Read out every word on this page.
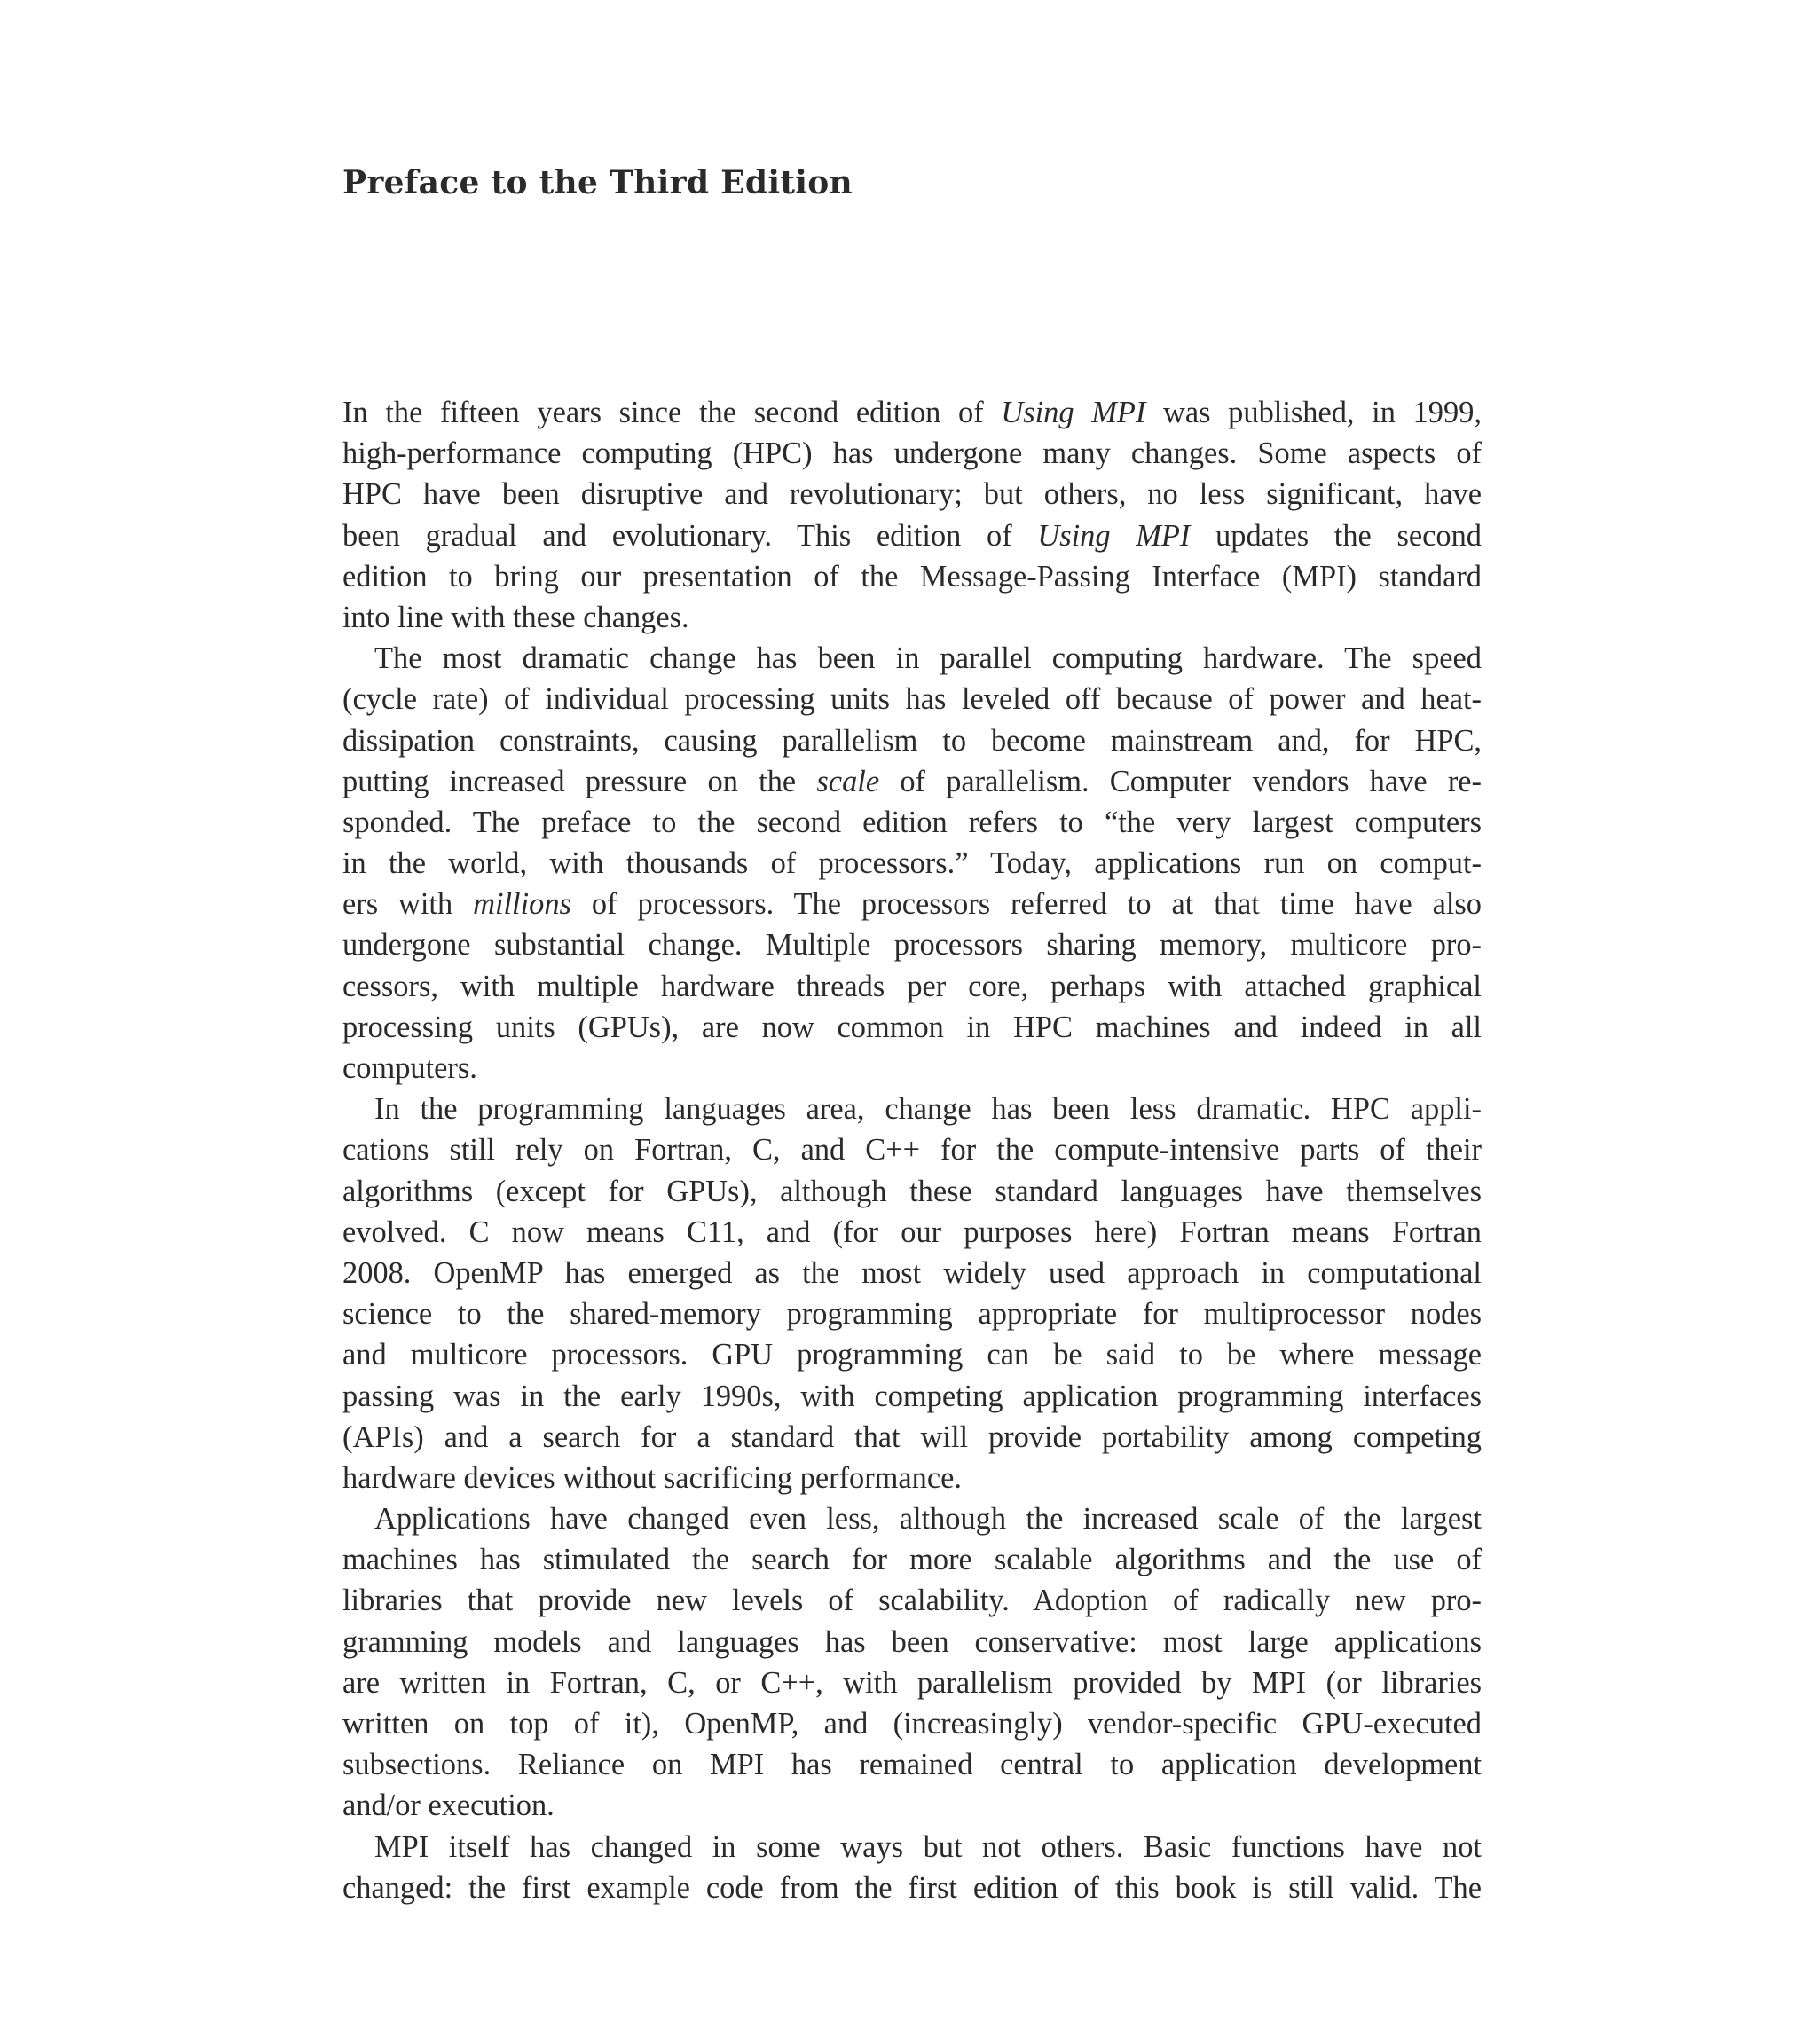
Preface to the Third Edition
In the fifteen years since the second edition of Using MPI was published, in 1999,
high-performance computing (HPC) has undergone many changes. Some aspects of
HPC have been disruptive and revolutionary; but others, no less significant, have
been gradual and evolutionary. This edition of Using MPI updates the second
edition to bring our presentation of the Message-Passing Interface (MPI) standard
into line with these changes.
The most dramatic change has been in parallel computing hardware. The speed
(cycle rate) of individual processing units has leveled off because of power and heat-
dissipation constraints, causing parallelism to become mainstream and, for HPC,
putting increased pressure on the scale of parallelism. Computer vendors have re-
sponded. The preface to the second edition refers to “the very largest computers
in the world, with thousands of processors.” Today, applications run on comput-
ers with millions of processors. The processors referred to at that time have also
undergone substantial change. Multiple processors sharing memory, multicore pro-
cessors, with multiple hardware threads per core, perhaps with attached graphical
processing units (GPUs), are now common in HPC machines and indeed in all
computers.
In the programming languages area, change has been less dramatic. HPC appli-
cations still rely on Fortran, C, and C++ for the compute-intensive parts of their
algorithms (except for GPUs), although these standard languages have themselves
evolved. C now means C11, and (for our purposes here) Fortran means Fortran
2008. OpenMP has emerged as the most widely used approach in computational
science to the shared-memory programming appropriate for multiprocessor nodes
and multicore processors. GPU programming can be said to be where message
passing was in the early 1990s, with competing application programming interfaces
(APIs) and a search for a standard that will provide portability among competing
hardware devices without sacrificing performance.
Applications have changed even less, although the increased scale of the largest
machines has stimulated the search for more scalable algorithms and the use of
libraries that provide new levels of scalability. Adoption of radically new pro-
gramming models and languages has been conservative: most large applications
are written in Fortran, C, or C++, with parallelism provided by MPI (or libraries
written on top of it), OpenMP, and (increasingly) vendor-specific GPU-executed
subsections. Reliance on MPI has remained central to application development
and/or execution.
MPI itself has changed in some ways but not others. Basic functions have not
changed: the first example code from the first edition of this book is still valid. The
